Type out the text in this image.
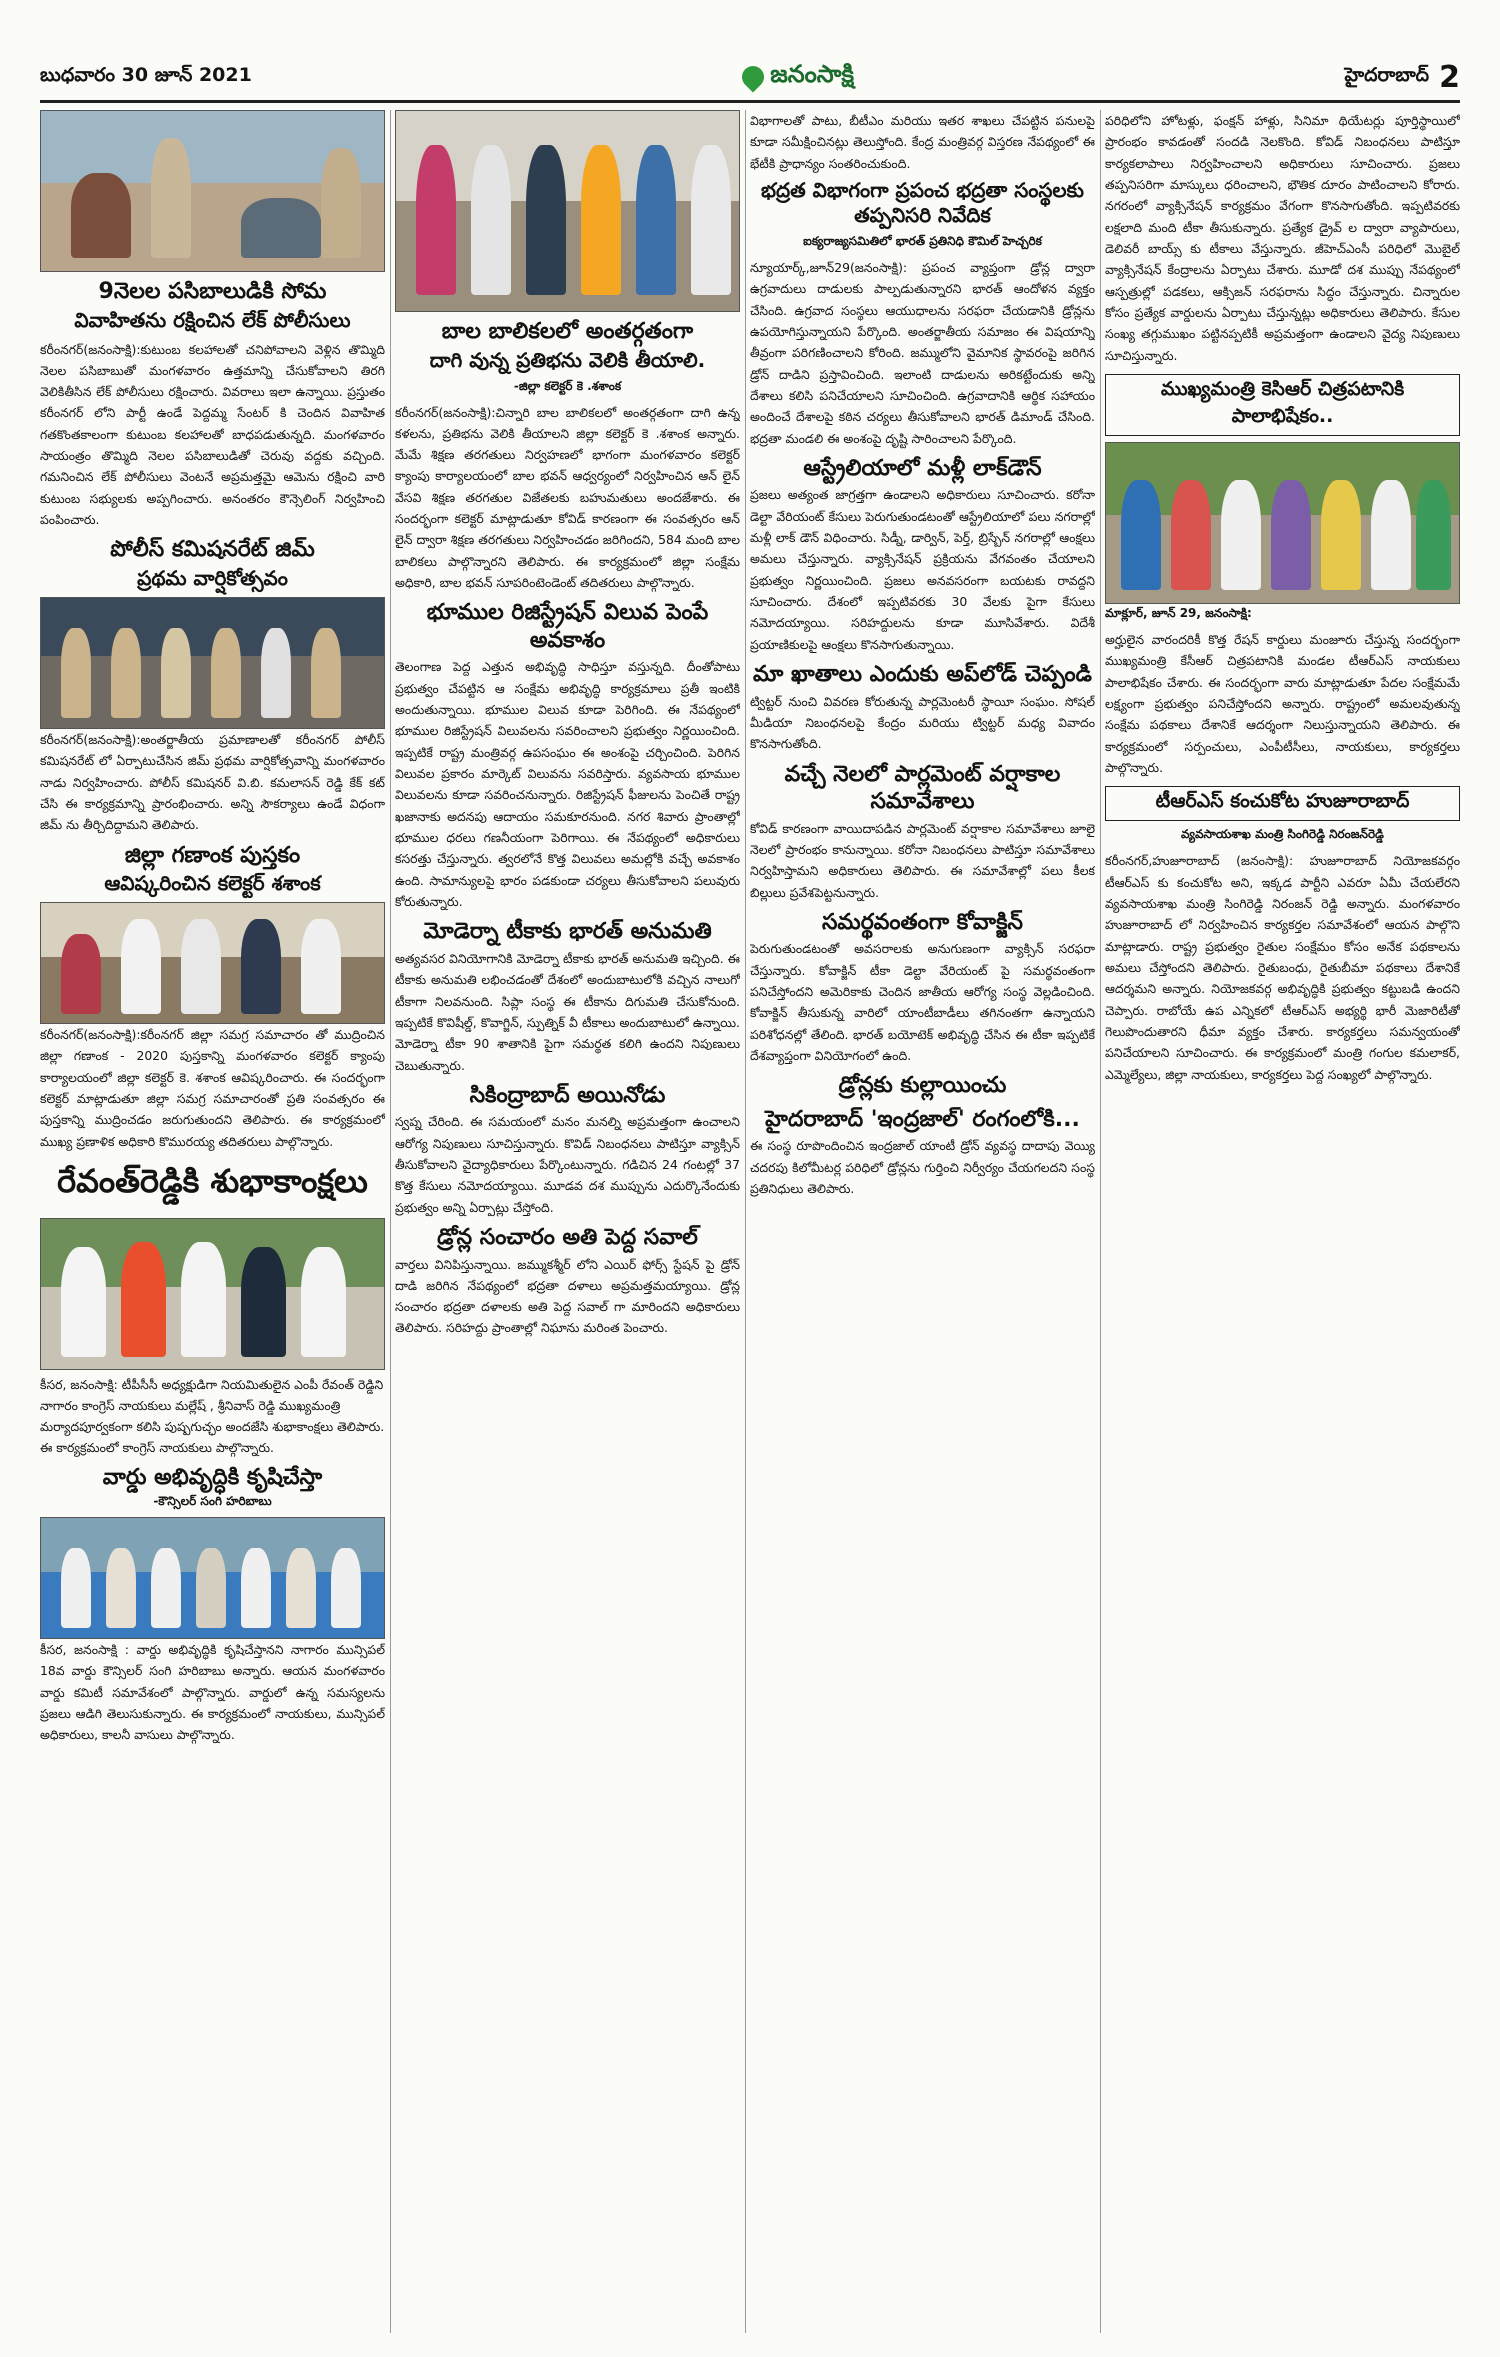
బుధవారం 30 జూన్ 2021	జనంసాక్షి	హైదరాబాద్ 2
9నెలల పసిబాలుడికి సోమ
వివాహితను రక్షించిన లేక్ పోలీసులు

కరీంనగర్(జనంసాక్షి):కుటుంబ కలహాలతో చనిపోవాలని వెళ్లిన తొమ్మిది నెలల పసిబాబుతో మంగళవారం ఉత్తమాన్ని చేసుకోవాలని తిరగి వెలికితీసిన లేక్ పోలీసులు రక్షించారు. వివరాలు ఇలా ఉన్నాయి. ప్రస్తుతం కరీంనగర్ లోని పార్టీ ఉండే పెద్దమ్మ సేంటర్ కి చెందిన వివాహిత గతకొంతకాలంగా కుటుంబ కలహాలతో బాధపడుతున్నది. మంగళవారం సాయంత్రం తొమ్మిది నెలల పసిబాలుడితో చెరువు వద్దకు వచ్చింది. గమనించిన లేక్ పోలీసులు వెంటనే అప్రమత్తమై ఆమెను రక్షించి వారి కుటుంబ సభ్యులకు అప్పగించారు. అనంతరం కౌన్సెలింగ్ నిర్వహించి పంపించారు.

పోలీస్ కమిషనరేట్ జిమ్
ప్రథమ వార్షికోత్సవం

కరీంనగర్(జనంసాక్షి):అంతర్జాతీయ ప్రమాణాలతో కరీంనగర్ పోలీస్ కమిషనరేట్ లో ఏర్పాటుచేసిన జిమ్ ప్రథమ వార్షికోత్సవాన్ని మంగళవారం నాడు నిర్వహించారు. పోలీస్ కమిషనర్ వి.బి. కమలాసన్ రెడ్డి కేక్ కట్ చేసి ఈ కార్యక్రమాన్ని ప్రారంభించారు. అన్ని సౌకర్యాలు ఉండే విధంగా జిమ్ ను తీర్చిదిద్దామని తెలిపారు.

జిల్లా గణాంక పుస్తకం
ఆవిష్కరించిన కలెక్టర్ శశాంక

కరీంనగర్(జనంసాక్షి):కరీంనగర్ జిల్లా సమగ్ర సమాచారం తో ముద్రించిన జిల్లా గణాంక - 2020 పుస్తకాన్ని మంగళవారం కలెక్టర్ క్యాంపు కార్యాలయంలో జిల్లా కలెక్టర్ కె. శశాంక ఆవిష్కరించారు. ఈ సందర్భంగా కలెక్టర్ మాట్లాడుతూ జిల్లా సమగ్ర సమాచారంతో ప్రతి సంవత్సరం ఈ పుస్తకాన్ని ముద్రించడం జరుగుతుందని తెలిపారు. ఈ కార్యక్రమంలో ముఖ్య ప్రణాళిక అధికారి కొమురయ్య తదితరులు పాల్గొన్నారు.

రేవంత్‌రెడ్డికి శుభాకాంక్షలు

కీసర, జనంసాక్షి: టీపీసీసీ అధ్యక్షుడిగా నియమితులైన ఎంపీ రేవంత్ రెడ్డిని నాగారం కాంగ్రెస్ నాయకులు మల్లేష్ , శ్రీనివాస్ రెడ్డి ముఖ్యమంత్రి మర్యాదపూర్వకంగా కలిసి పుష్పగుచ్ఛం అందజేసి శుభాకాంక్షలు తెలిపారు. ఈ కార్యక్రమంలో కాంగ్రెస్ నాయకులు పాల్గొన్నారు.

వార్డు అభివృద్ధికి కృషిచేస్తా
-కౌన్సిలర్ సంగి హరిబాబు

కీసర, జనంసాక్షి : వార్డు అభివృద్ధికి కృషిచేస్తానని నాగారం మున్సిపల్ 18వ వార్డు కౌన్సిలర్ సంగి హరిబాబు అన్నారు. ఆయన మంగళవారం వార్డు కమిటీ సమావేశంలో పాల్గొన్నారు. వార్డులో ఉన్న సమస్యలను ప్రజలు ఆడిగి తెలుసుకున్నారు. ఈ కార్యక్రమంలో నాయకులు, మున్సిపల్ అధికారులు, కాలనీ వాసులు పాల్గొన్నారు.

బాల బాలికలలో అంతర్గతంగా
దాగి వున్న ప్రతిభను వెలికి తీయాలి.
-జిల్లా కలెక్టర్ కె .శశాంక

కరీంనగర్(జనంసాక్షి):చిన్నారి బాల బాలికలలో అంతర్గతంగా దాగి ఉన్న కళలను, ప్రతిభను వెలికి తీయాలని జిల్లా కలెక్టర్ కె .శశాంక అన్నారు. మేమే శిక్షణ తరగతులు నిర్వహణలో భాగంగా మంగళవారం కలెక్టర్ క్యాంపు కార్యాలయంలో బాల భవన్ ఆధ్వర్యంలో నిర్వహించిన ఆన్ లైన్ వేసవి శిక్షణ తరగతుల విజేతలకు బహుమతులు అందజేశారు. ఈ సందర్భంగా కలెక్టర్ మాట్లాడుతూ కోవిడ్ కారణంగా ఈ సంవత్సరం ఆన్ లైన్ ద్వారా శిక్షణ తరగతులు నిర్వహించడం జరిగిందని, 584 మంది బాల బాలికలు పాల్గొన్నారని తెలిపారు. ఈ కార్యక్రమంలో జిల్లా సంక్షేమ అధికారి, బాల భవన్ సూపరింటెండెంట్ తదితరులు పాల్గొన్నారు.

భూముల రిజిస్ట్రేషన్ విలువ పెంపే అవకాశం

తెలంగాణ పెద్ద ఎత్తున అభివృద్ధి సాధిస్తూ వస్తున్నది. దీంతోపాటు ప్రభుత్వం చేపట్టిన ఆ సంక్షేమ అభివృద్ధి కార్యక్రమాలు ప్రతీ ఇంటికి అందుతున్నాయి. భూముల విలువ కూడా పెరిగింది. ఈ నేపథ్యంలో భూముల రిజిస్ట్రేషన్ విలువలను సవరించాలని ప్రభుత్వం నిర్ణయించింది. ఇప్పటికే రాష్ట్ర మంత్రివర్గ ఉపసంఘం ఈ అంశంపై చర్చించింది. పెరిగిన విలువల ప్రకారం మార్కెట్ విలువను సవరిస్తారు. వ్యవసాయ భూముల విలువలను కూడా సవరించనున్నారు. రిజిస్ట్రేషన్ ఫీజులను పెంచితే రాష్ట్ర ఖజానాకు అదనపు ఆదాయం సమకూరనుంది. నగర శివారు ప్రాంతాల్లో భూముల ధరలు గణనీయంగా పెరిగాయి. ఈ నేపథ్యంలో అధికారులు కసరత్తు చేస్తున్నారు. త్వరలోనే కొత్త విలువలు అమల్లోకి వచ్చే అవకాశం ఉంది. సామాన్యులపై భారం పడకుండా చర్యలు తీసుకోవాలని పలువురు కోరుతున్నారు.

మోడెర్నా టీకాకు భారత్ అనుమతి

అత్యవసర వినియోగానికి మోడెర్నా టీకాకు భారత్ అనుమతి ఇచ్చింది. ఈ టీకాకు అనుమతి లభించడంతో దేశంలో అందుబాటులోకి వచ్చిన నాలుగో టీకాగా నిలవనుంది. సిప్లా సంస్థ ఈ టీకాను దిగుమతి చేసుకోనుంది. ఇప్పటికే కొవిషీల్డ్, కొవాగ్జిన్, స్పుత్నిక్ వీ టీకాలు అందుబాటులో ఉన్నాయి. మోడెర్నా టీకా 90 శాతానికి పైగా సమర్థత కలిగి ఉందని నిపుణులు చెబుతున్నారు.

సికింద్రాబాద్ అయినోడు

స్వప్న చేరింది. ఈ సమయంలో మనం మనల్ని అప్రమత్తంగా ఉంచాలని ఆరోగ్య నిపుణులు సూచిస్తున్నారు. కొవిడ్ నిబంధనలు పాటిస్తూ వ్యాక్సిన్ తీసుకోవాలని వైద్యాధికారులు పేర్కొంటున్నారు. గడిచిన 24 గంటల్లో 37 కొత్త కేసులు నమోదయ్యాయి. మూడవ దశ ముప్పును ఎదుర్కొనేందుకు ప్రభుత్వం అన్ని ఏర్పాట్లు చేస్తోంది.

డ్రోన్ల సంచారం అతి పెద్ద సవాల్

వార్తలు వినిపిస్తున్నాయి. జమ్ముకశ్మీర్ లోని ఎయిర్ ఫోర్స్ స్టేషన్ పై డ్రోన్ దాడి జరిగిన నేపథ్యంలో భద్రతా దళాలు అప్రమత్తమయ్యాయి. డ్రోన్ల సంచారం భద్రతా దళాలకు అతి పెద్ద సవాల్ గా మారిందని అధికారులు తెలిపారు. సరిహద్దు ప్రాంతాల్లో నిఘాను మరింత పెంచారు.

విభాగాలతో పాటు, బీటీఎం మరియు ఇతర శాఖలు చేపట్టిన పనులపై కూడా సమీక్షించినట్లు తెలుస్తోంది. కేంద్ర మంత్రివర్గ విస్తరణ నేపథ్యంలో ఈ భేటీకి ప్రాధాన్యం సంతరించుకుంది.

భద్రత విభాగంగా ప్రపంచ భద్రతా సంస్థలకు తప్పనిసరి నివేదిక
ఐక్యరాజ్యసమితిలో భారత్ ప్రతినిధి కౌమిల్ హెచ్చరిక

న్యూయార్క్,జూన్29(జనంసాక్షి): ప్రపంచ వ్యాప్తంగా డ్రోన్ల ద్వారా ఉగ్రవాదులు దాడులకు పాల్పడుతున్నారని భారత్ ఆందోళన వ్యక్తం చేసింది. ఉగ్రవాద సంస్థలు ఆయుధాలను సరఫరా చేయడానికి డ్రోన్లను ఉపయోగిస్తున్నాయని పేర్కొంది. అంతర్జాతీయ సమాజం ఈ విషయాన్ని తీవ్రంగా పరిగణించాలని కోరింది. జమ్ములోని వైమానిక స్థావరంపై జరిగిన డ్రోన్ దాడిని ప్రస్తావించింది. ఇలాంటి దాడులను అరికట్టేందుకు అన్ని దేశాలు కలిసి పనిచేయాలని సూచించింది. ఉగ్రవాదానికి ఆర్థిక సహాయం అందించే దేశాలపై కఠిన చర్యలు తీసుకోవాలని భారత్ డిమాండ్ చేసింది. భద్రతా మండలి ఈ అంశంపై దృష్టి సారించాలని పేర్కొంది.

ఆస్ట్రేలియాలో మళ్లీ లాక్‌డౌన్

ప్రజలు అత్యంత జాగ్రత్తగా ఉండాలని అధికారులు సూచించారు. కరోనా డెల్టా వేరియంట్ కేసులు పెరుగుతుండటంతో ఆస్ట్రేలియాలో పలు నగరాల్లో మళ్లీ లాక్ డౌన్ విధించారు. సిడ్నీ, డార్విన్, పెర్త్, బ్రిస్బేన్ నగరాల్లో ఆంక్షలు అమలు చేస్తున్నారు. వ్యాక్సినేషన్ ప్రక్రియను వేగవంతం చేయాలని ప్రభుత్వం నిర్ణయించింది. ప్రజలు అనవసరంగా బయటకు రావద్దని సూచించారు. దేశంలో ఇప్పటివరకు 30 వేలకు పైగా కేసులు నమోదయ్యాయి. సరిహద్దులను కూడా మూసివేశారు. విదేశీ ప్రయాణికులపై ఆంక్షలు కొనసాగుతున్నాయి.

మా ఖాతాలు ఎందుకు అప్‌లోడ్ చెప్పండి

ట్విట్టర్ నుంచి వివరణ కోరుతున్న పార్లమెంటరీ స్థాయీ సంఘం. సోషల్ మీడియా నిబంధనలపై కేంద్రం మరియు ట్విట్టర్ మధ్య వివాదం కొనసాగుతోంది.

వచ్చే నెలలో పార్లమెంట్ వర్షాకాల సమావేశాలు

కోవిడ్ కారణంగా వాయిదాపడిన పార్లమెంట్ వర్షాకాల సమావేశాలు జూలై నెలలో ప్రారంభం కానున్నాయి. కరోనా నిబంధనలు పాటిస్తూ సమావేశాలు నిర్వహిస్తామని అధికారులు తెలిపారు. ఈ సమావేశాల్లో పలు కీలక బిల్లులు ప్రవేశపెట్టనున్నారు.

సమర్థవంతంగా కోవాక్జిన్

పెరుగుతుండటంతో అవసరాలకు అనుగుణంగా వ్యాక్సిన్ సరఫరా చేస్తున్నారు. కోవాక్జిన్ టీకా డెల్టా వేరియంట్ పై సమర్థవంతంగా పనిచేస్తోందని అమెరికాకు చెందిన జాతీయ ఆరోగ్య సంస్థ వెల్లడించింది. కోవాక్జిన్ తీసుకున్న వారిలో యాంటీబాడీలు తగినంతగా ఉన్నాయని పరిశోధనల్లో తేలింది. భారత్ బయోటెక్ అభివృద్ధి చేసిన ఈ టీకా ఇప్పటికే దేశవ్యాప్తంగా వినియోగంలో ఉంది.

డ్రోన్లకు కుల్లాయించు
హైదరాబాద్ 'ఇంద్రజాల్‌' రంగంలోకి...

ఈ సంస్థ రూపొందించిన ఇంద్రజాల్ యాంటీ డ్రోన్ వ్యవస్థ దాదాపు వెయ్యి చదరపు కిలోమీటర్ల పరిధిలో డ్రోన్లను గుర్తించి నిర్వీర్యం చేయగలదని సంస్థ ప్రతినిధులు తెలిపారు.

పరిధిలోని హోటళ్లు, ఫంక్షన్ హాళ్లు, సినిమా థియేటర్లు పూర్తిస్థాయిలో ప్రారంభం కావడంతో సందడి నెలకొంది. కోవిడ్ నిబంధనలు పాటిస్తూ కార్యకలాపాలు నిర్వహించాలని అధికారులు సూచించారు. ప్రజలు తప్పనిసరిగా మాస్కులు ధరించాలని, భౌతిక దూరం పాటించాలని కోరారు. నగరంలో వ్యాక్సినేషన్ కార్యక్రమం వేగంగా కొనసాగుతోంది. ఇప్పటివరకు లక్షలాది మంది టీకా తీసుకున్నారు. ప్రత్యేక డ్రైవ్ ల ద్వారా వ్యాపారులు, డెలివరీ బాయ్స్ కు టీకాలు వేస్తున్నారు. జీహెచ్ఎంసీ పరిధిలో మొబైల్ వ్యాక్సినేషన్ కేంద్రాలను ఏర్పాటు చేశారు. మూడో దశ ముప్పు నేపథ్యంలో ఆస్పత్రుల్లో పడకలు, ఆక్సిజన్ సరఫరాను సిద్ధం చేస్తున్నారు. చిన్నారుల కోసం ప్రత్యేక వార్డులను ఏర్పాటు చేస్తున్నట్లు అధికారులు తెలిపారు. కేసుల సంఖ్య తగ్గుముఖం పట్టినప్పటికీ అప్రమత్తంగా ఉండాలని వైద్య నిపుణులు సూచిస్తున్నారు.

ముఖ్యమంత్రి కెసిఆర్ చిత్రపటానికి పాలాభిషేకం..
మాక్లూర్, జూన్ 29, జనంసాక్షి:

అర్హులైన వారందరికీ కొత్త రేషన్ కార్డులు మంజూరు చేస్తున్న సందర్భంగా ముఖ్యమంత్రి కేసీఆర్ చిత్రపటానికి మండల టీఆర్ఎస్ నాయకులు పాలాభిషేకం చేశారు. ఈ సందర్భంగా వారు మాట్లాడుతూ పేదల సంక్షేమమే లక్ష్యంగా ప్రభుత్వం పనిచేస్తోందని అన్నారు. రాష్ట్రంలో అమలవుతున్న సంక్షేమ పథకాలు దేశానికే ఆదర్శంగా నిలుస్తున్నాయని తెలిపారు. ఈ కార్యక్రమంలో సర్పంచులు, ఎంపీటీసీలు, నాయకులు, కార్యకర్తలు పాల్గొన్నారు.

టీఆర్‌ఎస్‌ కంచుకోట హుజూరాబాద్
వ్యవసాయశాఖ మంత్రి సింగిరెడ్డి నిరంజన్‌రెడ్డి

కరీంనగర్,హుజూరాబాద్ (జనంసాక్షి): హుజూరాబాద్ నియోజకవర్గం టీఆర్ఎస్ కు కంచుకోట అని, ఇక్కడ పార్టీని ఎవరూ ఏమీ చేయలేరని వ్యవసాయశాఖ మంత్రి సింగిరెడ్డి నిరంజన్ రెడ్డి అన్నారు. మంగళవారం హుజూరాబాద్ లో నిర్వహించిన కార్యకర్తల సమావేశంలో ఆయన పాల్గొని మాట్లాడారు. రాష్ట్ర ప్రభుత్వం రైతుల సంక్షేమం కోసం అనేక పథకాలను అమలు చేస్తోందని తెలిపారు. రైతుబంధు, రైతుబీమా పథకాలు దేశానికే ఆదర్శమని అన్నారు. నియోజకవర్గ అభివృద్ధికి ప్రభుత్వం కట్టుబడి ఉందని చెప్పారు. రాబోయే ఉప ఎన్నికలో టీఆర్ఎస్ అభ్యర్థి భారీ మెజారిటీతో గెలుపొందుతారని ధీమా వ్యక్తం చేశారు. కార్యకర్తలు సమన్వయంతో పనిచేయాలని సూచించారు. ఈ కార్యక్రమంలో మంత్రి గంగుల కమలాకర్, ఎమ్మెల్యేలు, జిల్లా నాయకులు, కార్యకర్తలు పెద్ద సంఖ్యలో పాల్గొన్నారు.
